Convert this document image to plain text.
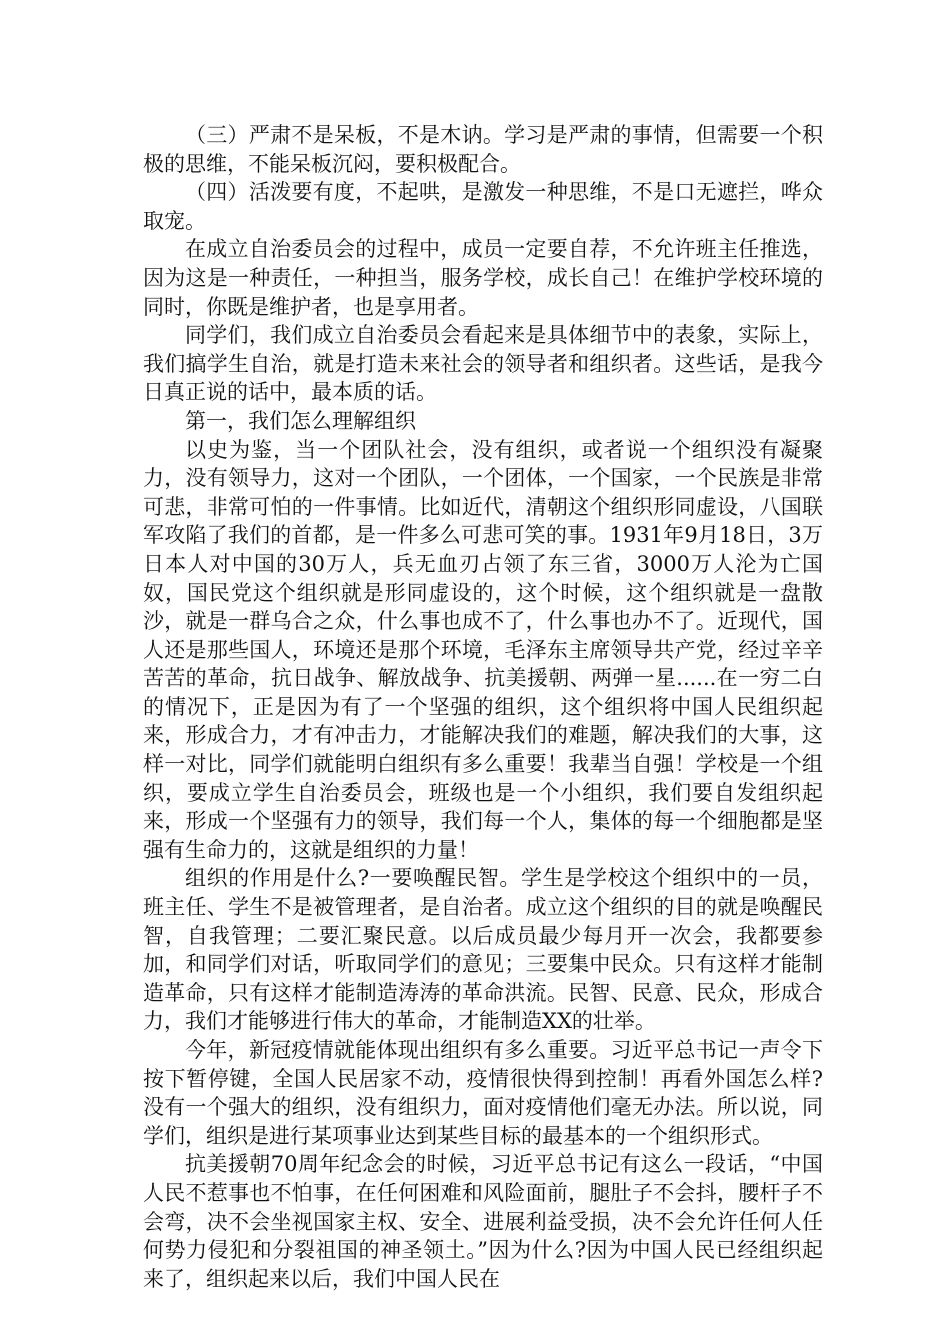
（三）严肃不是呆板，不是木讷。学习是严肃的事情，但需要一个积极的思维，不能呆板沉闷，要积极配合。

（四）活泼要有度，不起哄，是激发一种思维，不是口无遮拦，哗众取宠。

在成立自治委员会的过程中，成员一定要自荐，不允许班主任推选，因为这是一种责任，一种担当，服务学校，成长自己！在维护学校环境的同时，你既是维护者，也是享用者。

同学们，我们成立自治委员会看起来是具体细节中的表象，实际上，我们搞学生自治，就是打造未来社会的领导者和组织者。这些话，是我今日真正说的话中，最本质的话。

第一，我们怎么理解组织

以史为鉴，当一个团队社会，没有组织，或者说一个组织没有凝聚力，没有领导力，这对一个团队，一个团体，一个国家，一个民族是非常可悲，非常可怕的一件事情。比如近代，清朝这个组织形同虚设，八国联军攻陷了我们的首都，是一件多么可悲可笑的事。1931年9月18日，3万日本人对中国的30万人，兵无血刃占领了东三省，3000万人沦为亡国奴，国民党这个组织就是形同虚设的，这个时候，这个组织就是一盘散沙，就是一群乌合之众，什么事也成不了，什么事也办不了。近现代，国人还是那些国人，环境还是那个环境，毛泽东主席领导共产党，经过辛辛苦苦的革命，抗日战争、解放战争、抗美援朝、两弹一星......在一穷二白的情况下，正是因为有了一个坚强的组织，这个组织将中国人民组织起来，形成合力，才有冲击力，才能解决我们的难题，解决我们的大事，这样一对比，同学们就能明白组织有多么重要！我辈当自强！学校是一个组织，要成立学生自治委员会，班级也是一个小组织，我们要自发组织起来，形成一个坚强有力的领导，我们每一个人，集体的每一个细胞都是坚强有生命力的，这就是组织的力量！

组织的作用是什么?一要唤醒民智。学生是学校这个组织中的一员，班主任、学生不是被管理者，是自治者。成立这个组织的目的就是唤醒民智，自我管理；二要汇聚民意。以后成员最少每月开一次会，我都要参加，和同学们对话，听取同学们的意见；三要集中民众。只有这样才能制造革命，只有这样才能制造涛涛的革命洪流。民智、民意、民众，形成合力，我们才能够进行伟大的革命，才能制造XX的壮举。

今年，新冠疫情就能体现出组织有多么重要。习近平总书记一声令下按下暂停键，全国人民居家不动，疫情很快得到控制！再看外国怎么样?没有一个强大的组织，没有组织力，面对疫情他们毫无办法。所以说，同学们，组织是进行某项事业达到某些目标的最基本的一个组织形式。

抗美援朝70周年纪念会的时候，习近平总书记有这么一段话，“中国人民不惹事也不怕事，在任何困难和风险面前，腿肚子不会抖，腰杆子不会弯，决不会坐视国家主权、安全、进展利益受损，决不会允许任何人任何势力侵犯和分裂祖国的神圣领土。”因为什么?因为中国人民已经组织起来了，组织起来以后，我们中国人民在
